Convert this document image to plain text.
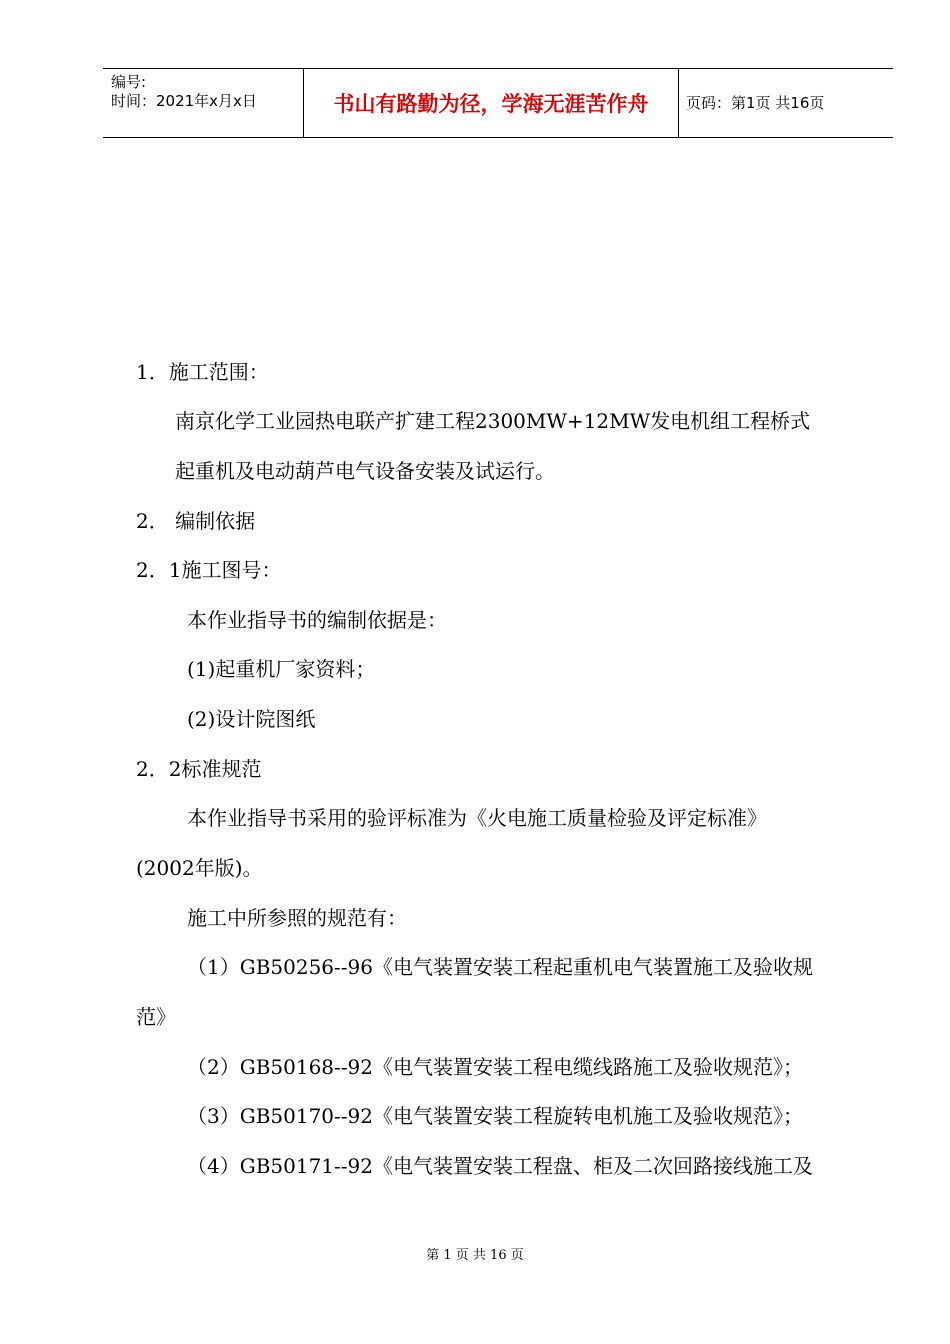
编号:
时间：2021年x月x日	书山有路勤为径，学海无涯苦作舟	页码：第1页 共16页
1．施工范围：
南京化学工业园热电联产扩建工程2300MW+12MW发电机组工程桥式
起重机及电动葫芦电气设备安装及试运行。
2． 编制依据
2．1施工图号：
本作业指导书的编制依据是：
(1)起重机厂家资料；
(2)设计院图纸
2．2标准规范
本作业指导书采用的验评标准为《火电施工质量检验及评定标准》
(2002年版)。
施工中所参照的规范有：
（1）GB50256--96《电气装置安装工程起重机电气装置施工及验收规
范》
（2）GB50168--92《电气装置安装工程电缆线路施工及验收规范》；
（3）GB50170--92《电气装置安装工程旋转电机施工及验收规范》；
（4）GB50171--92《电气装置安装工程盘、柜及二次回路接线施工及
第 1 页 共 16 页
